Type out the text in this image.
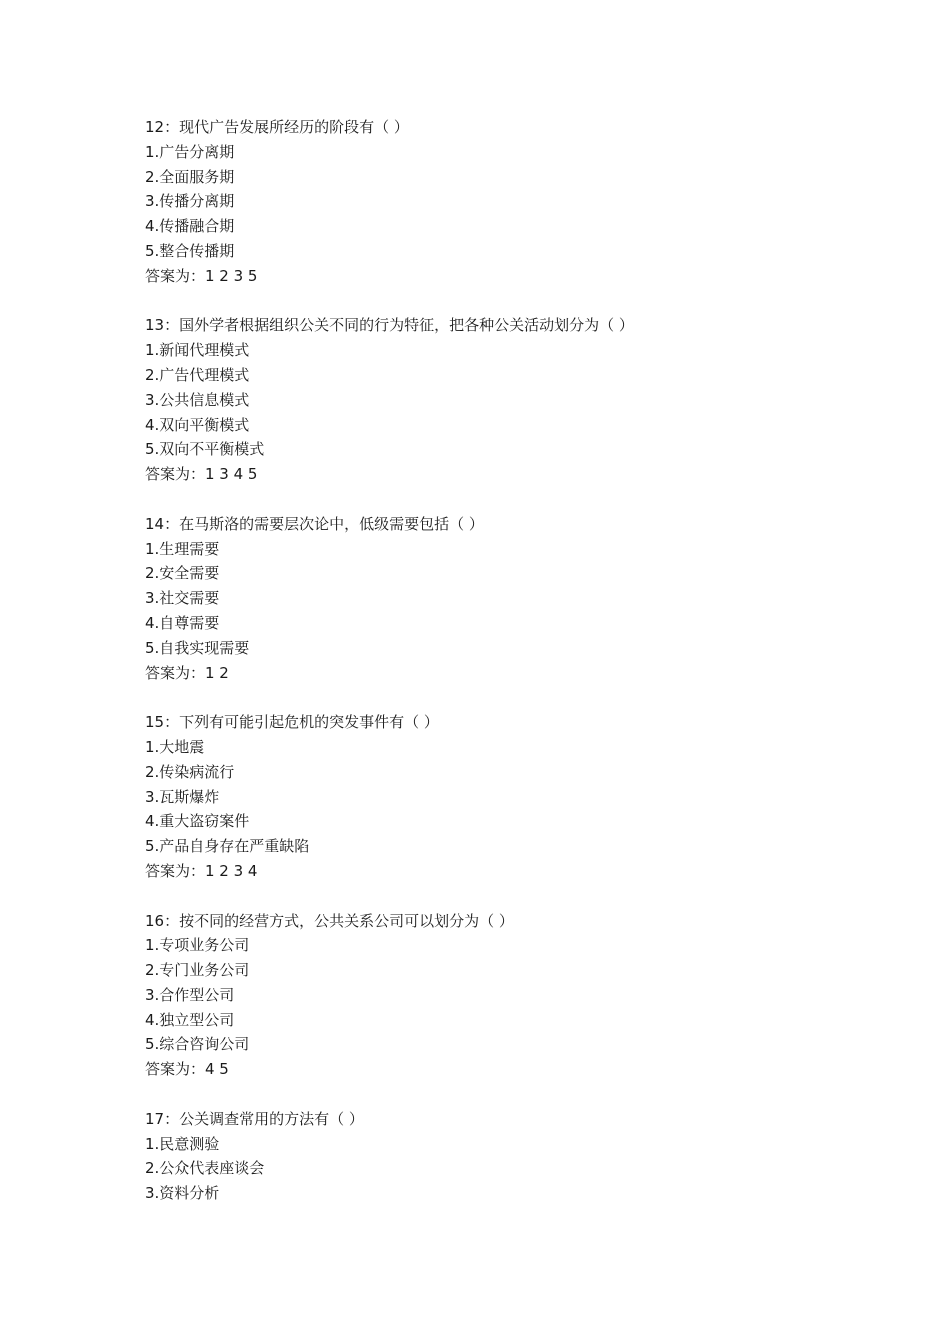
12：现代广告发展所经历的阶段有（ ）
1.广告分离期
2.全面服务期
3.传播分离期
4.传播融合期
5.整合传播期
答案为：1 2 3 5
13：国外学者根据组织公关不同的行为特征，把各种公关活动划分为（ ）
1.新闻代理模式
2.广告代理模式
3.公共信息模式
4.双向平衡模式
5.双向不平衡模式
答案为：1 3 4 5
14：在马斯洛的需要层次论中，低级需要包括（ ）
1.生理需要
2.安全需要
3.社交需要
4.自尊需要
5.自我实现需要
答案为：1 2
15：下列有可能引起危机的突发事件有（ ）
1.大地震
2.传染病流行
3.瓦斯爆炸
4.重大盗窃案件
5.产品自身存在严重缺陷
答案为：1 2 3 4
16：按不同的经营方式，公共关系公司可以划分为（ ）
1.专项业务公司
2.专门业务公司
3.合作型公司
4.独立型公司
5.综合咨询公司
答案为：4 5
17：公关调查常用的方法有（ ）
1.民意测验
2.公众代表座谈会
3.资料分析
